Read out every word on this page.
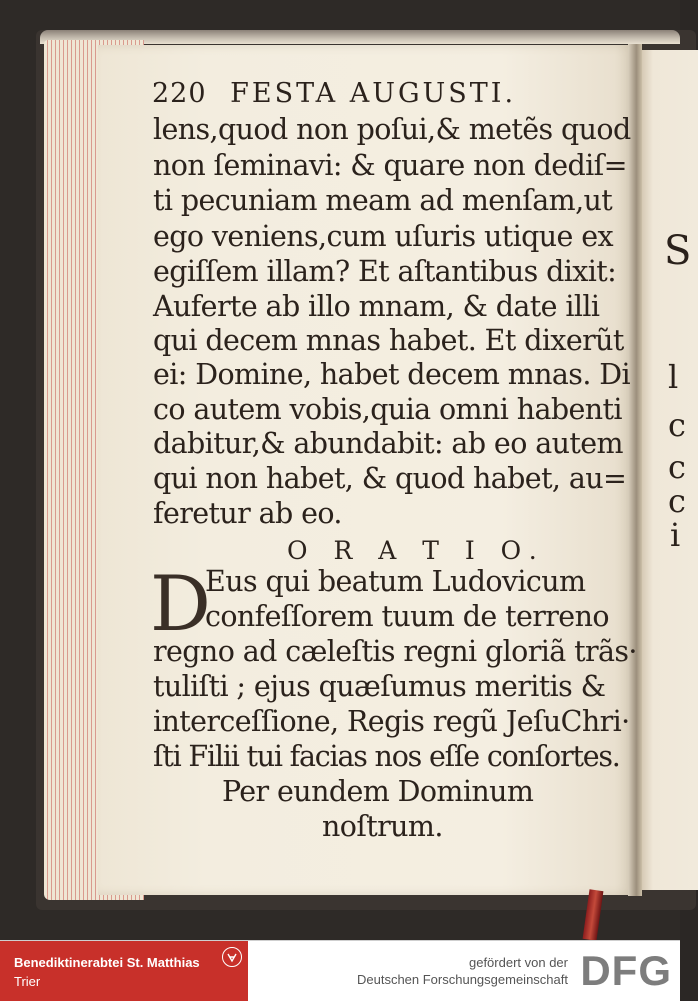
S
l
c
c
c
i
220 FESTA AUGUSTI.
lens,quod non poſui,& metẽs quod
non ſeminavi: & quare non dediſ=
ti pecuniam meam ad menſam,ut
ego veniens,cum uſuris utique ex
egiſſem illam? Et aſtantibus dixit:
Auferte ab illo mnam, & date illi
qui decem mnas habet. Et dixerũt
ei: Domine, habet decem mnas. Di
co autem vobis,quia omni habenti
dabitur,& abundabit: ab eo autem
qui non habet, & quod habet, au=
feretur ab eo.
O R A T I O.
D
Eus qui beatum Ludovicum
confeſſorem tuum de terreno
regno ad cæleſtis regni gloriã trãs·
tuliſti ; ejus quæſumus meritis &
interceſſione, Regis regũ JeſuChri·
ſti Filii tui facias nos eſſe conſortes.
Per eundem Dominum
noſtrum.
Benediktinerabtei St. Matthias
Trier
gefördert von der
Deutschen Forschungsgemeinschaft DFG
